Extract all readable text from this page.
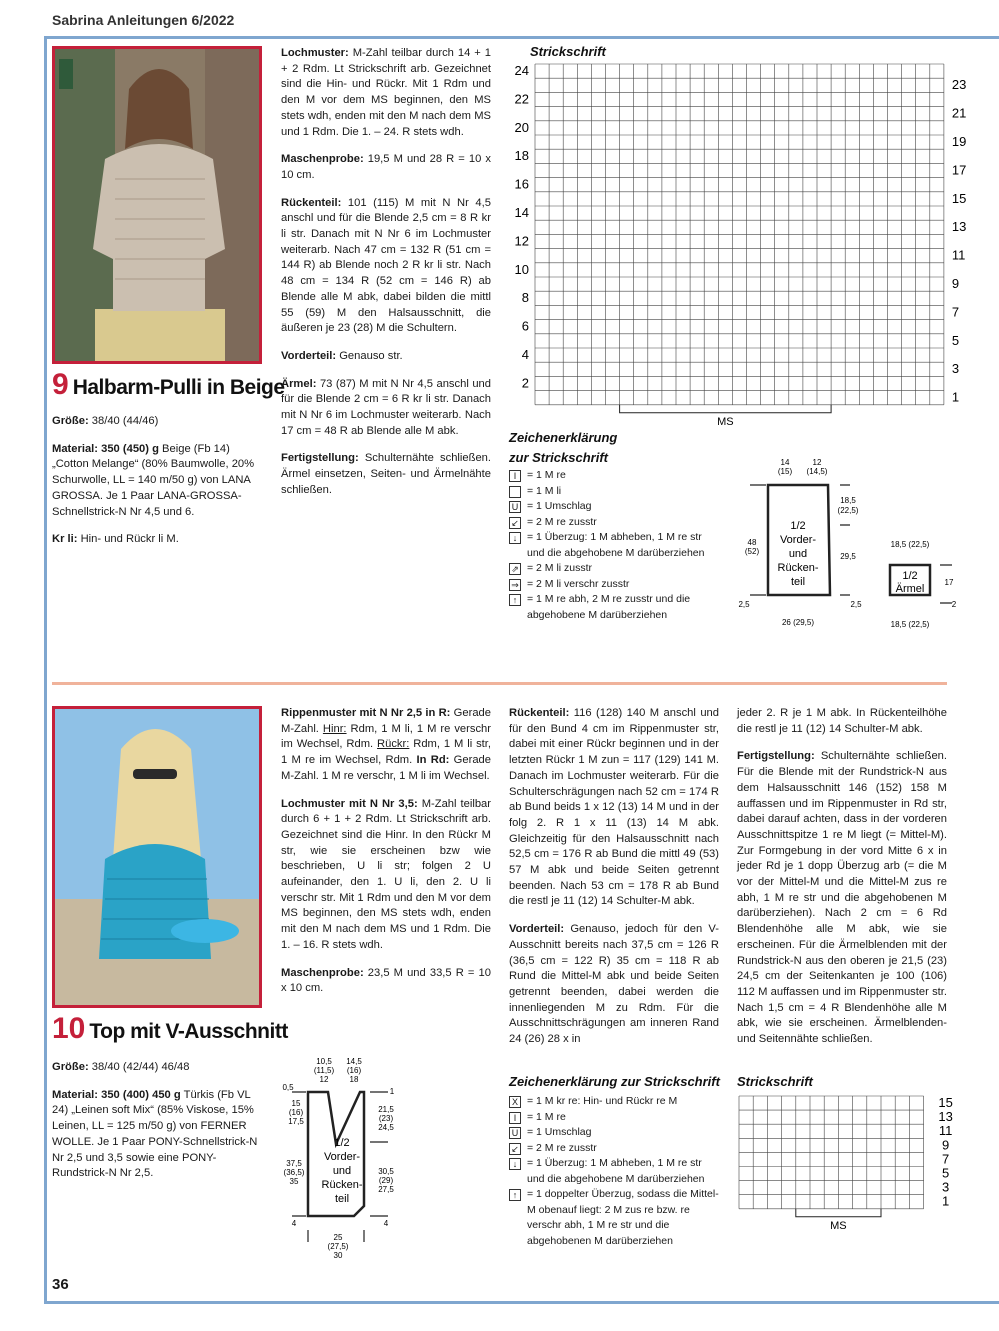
Sabrina Anleitungen 6/2022
9 Halbarm-Pulli in Beige

Größe: 38/40 (44/46)

Material: 350 (450) g Beige (Fb 14) „Cotton Melange“ (80% Baumwolle, 20% Schurwolle, LL = 140 m/50 g) von LANA GROSSA. Je 1 Paar LANA-GROSSA-Schnellstrick-N Nr 4,5 und 6.

Kr li: Hin- und Rückr li M.

Lochmuster: M-Zahl teilbar durch 14 + 1 + 2 Rdm. Lt Strickschrift arb. Gezeichnet sind die Hin- und Rückr. Mit 1 Rdm und den M vor dem MS beginnen, den MS stets wdh, enden mit den M nach dem MS und 1 Rdm. Die 1. – 24. R stets wdh.

Maschenprobe: 19,5 M und 28 R = 10 x 10 cm.

Rückenteil: 101 (115) M mit N Nr 4,5 anschl und für die Blende 2,5 cm = 8 R kr li str. Danach mit N Nr 6 im Lochmuster weiterarb. Nach 47 cm = 132 R (51 cm = 144 R) ab Blende noch 2 R kr li str. Nach 48 cm = 134 R (52 cm = 146 R) ab Blende alle M abk, dabei bilden die mittl 55 (59) M den Halsausschnitt, die äußeren je 23 (28) M die Schultern.

Vorderteil: Genauso str.

Ärmel: 73 (87) M mit N Nr 4,5 anschl und für die Blende 2 cm = 6 R kr li str. Danach mit N Nr 6 im Lochmuster weiterarb. Nach 17 cm = 48 R ab Blende alle M abk.

Fertigstellung: Schulternähte schließen. Ärmel einsetzen, Seiten- und Ärmelnähte schließen.

Strickschrift
24
22
20
18
16
14
12
10
8
6
4
2
23
21
19
17
15
13
11
9
7
5
3
1
MS
Zeichenerklärung
zur Strickschrift
I	= 1 M re
= 1 M li
U = 1 Umschlag
↙ = 2 M re zusstr
↓ = 1 Überzug: 1 M abheben, 1 M re str und die abgehobene M darüberziehen
⇗ = 2 M li zusstr
⇒ = 2 M li verschr zusstr
↑ = 1 M re abh, 2 M re zusstr und die abgehobene M darüberziehen
14
(15)
12
(14,5)
18,5
(22,5)
48
(52)
1/2
Vorder-
und
Rücken-
teil
29,5
2,5	2,5
26 (29,5)
18,5 (22,5)
1/2
Ärmel
17
2
18,5 (22,5)
10 Top mit V-Ausschnitt

Größe: 38/40 (42/44) 46/48

Material: 350 (400) 450 g Türkis (Fb VL 24) „Leinen soft Mix“ (85% Viskose, 15% Leinen, LL = 125 m/50 g) von FERNER WOLLE. Je 1 Paar PONY-Schnellstrick-N Nr 2,5 und 3,5 sowie eine PONY-Rundstrick-N Nr 2,5.

Rippenmuster mit N Nr 2,5 in R: Gerade M-Zahl. Hinr: Rdm, 1 M li, 1 M re verschr im Wechsel, Rdm. Rückr: Rdm, 1 M li str, 1 M re im Wechsel, Rdm. In Rd: Gerade M-Zahl. 1 M re verschr, 1 M li im Wechsel.

Lochmuster mit N Nr 3,5: M-Zahl teilbar durch 6 + 1 + 2 Rdm. Lt Strickschrift arb. Gezeichnet sind die Hinr. In den Rückr M str, wie sie erscheinen bzw wie beschrieben, U li str; folgen 2 U aufeinander, den 1. U li, den 2. U li verschr str. Mit 1 Rdm und den M vor dem MS beginnen, den MS stets wdh, enden mit den M nach dem MS und 1 Rdm. Die 1. – 16. R stets wdh.

Maschenprobe: 23,5 M und 33,5 R = 10 x 10 cm.

Rückenteil: 116 (128) 140 M anschl und für den Bund 4 cm im Rippenmuster str, dabei mit einer Rückr beginnen und in der letzten Rückr 1 M zun = 117 (129) 141 M. Danach im Lochmuster weiterarb. Für die Schulterschrägungen nach 52 cm = 174 R ab Bund beids 1 x 12 (13) 14 M und in der folg 2. R 1 x 11 (13) 14 M abk. Gleichzeitig für den Halsausschnitt nach 52,5 cm = 176 R ab Bund die mittl 49 (53) 57 M abk und beide Seiten getrennt beenden. Nach 53 cm = 178 R ab Bund die restl je 11 (12) 14 Schulter-M abk.

Vorderteil: Genauso, jedoch für den V-Ausschnitt bereits nach 37,5 cm = 126 R (36,5 cm = 122 R) 35 cm = 118 R ab Rund die Mittel-M abk und beide Seiten getrennt beenden, dabei werden die innenliegenden M zu Rdm. Für die Ausschnittschrägungen am inneren Rand 24 (26) 28 x in

jeder 2. R je 1 M abk. In Rückenteilhöhe die restl je 11 (12) 14 Schulter-M abk.

Fertigstellung: Schulternähte schließen. Für die Blende mit der Rundstrick-N aus dem Halsausschnitt 146 (152) 158 M auffassen und im Rippenmuster in Rd str, dabei darauf achten, dass in der vorderen Ausschnittspitze 1 re M liegt (= Mittel-M). Zur Formgebung in der vord Mitte 6 x in jeder Rd je 1 dopp Überzug arb (= die M vor der Mittel-M und die Mittel-M zus re abh, 1 M re str und die abgehobenen M darüberziehen). Nach 2 cm = 6 Rd Blendenhöhe alle M abk, wie sie erscheinen. Für die Ärmelblenden mit der Rundstrick-N aus den oberen je 21,5 (23) 24,5 cm der Seitenkanten je 100 (106) 112 M auffassen und im Rippenmuster str. Nach 1,5 cm = 4 R Blendenhöhe alle M abk, wie sie erscheinen. Ärmelblenden- und Seitennähte schließen.

10,5
(11,5)
12
14,5
(16)
18
0,5
15
(16)
17,5
1
21,5
(23)
24,5
1/2
Vorder-
und
Rücken-
teil
37,5
(36,5)
35
30,5
(29)
27,5
4	4
25
(27,5)
30
Zeichenerklärung zur Strickschrift
X = 1 M kr re: Hin- und Rückr re M
I	= 1 M re
U = 1 Umschlag
↙ = 2 M re zusstr
↓ = 1 Überzug: 1 M abheben, 1 M re str und die abgehobene M darüberziehen
↑ = 1 doppelter Überzug, sodass die Mittel-M obenauf liegt: 2 M zus re bzw. re verschr abh, 1 M re str und die abgehobenen M darüberziehen
Strickschrift
15
13
11
9
7
5
3
1
MS
36
